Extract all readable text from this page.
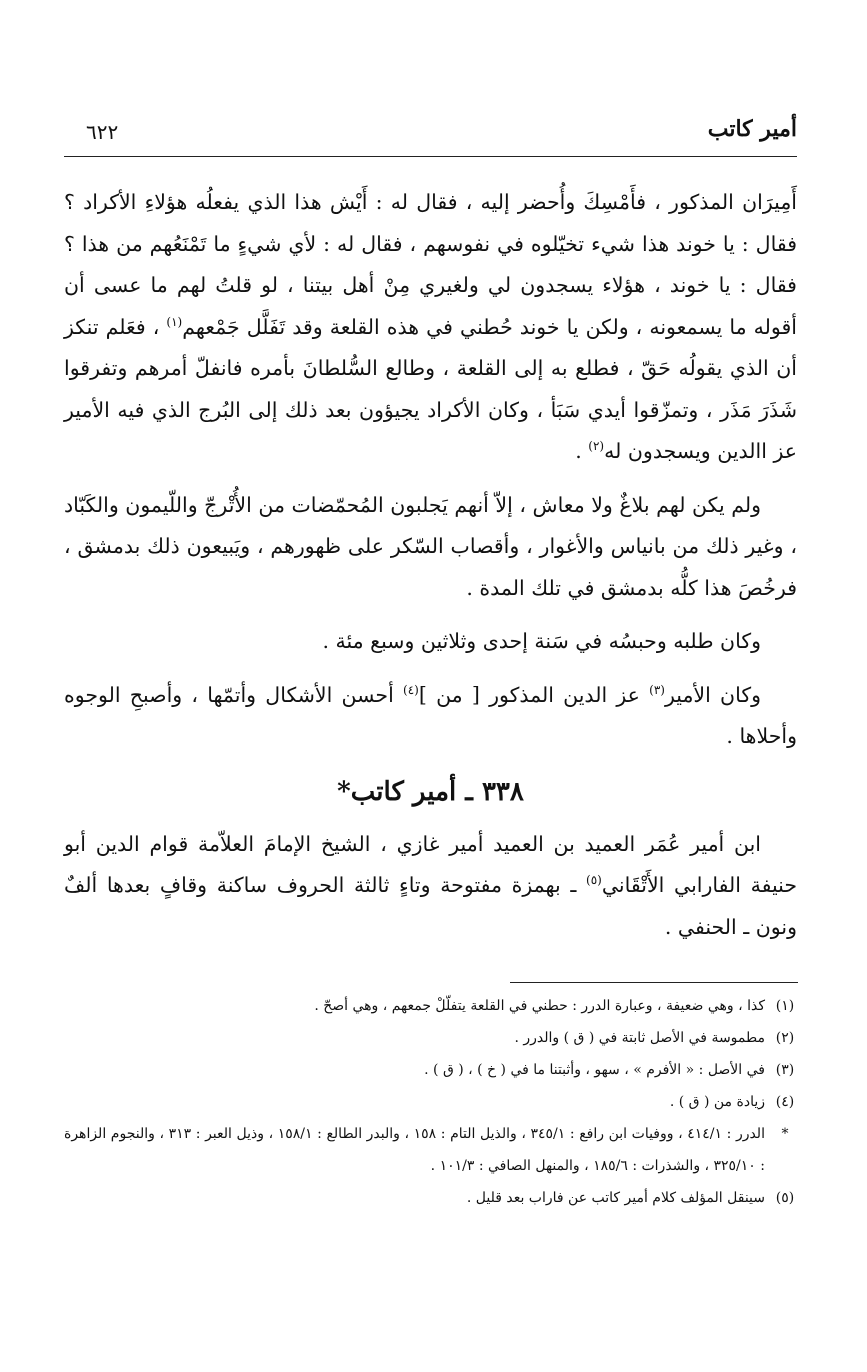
أمير كاتب
٦٢٢

أَمِيرَان المذكور ، فأَمْسِكَ وأُحضر إليه ، فقال له : أَيْش هذا الذي يفعلُه هؤلاءِ الأكراد ؟ فقال : يا خوند هذا شيء تخيّلوه في نفوسهم ، فقال له : لأي شيءٍ ما تَمْنَعُهم من هذا ؟ فقال : يا خوند ، هؤلاء يسجدون لي ولغيري مِنْ أهل بيتنا ، لو قلتُ لهم ما عسى أن أقوله ما يسمعونه ، ولكن يا خوند حُطني في هذه القلعة وقد تَفَلَّل جَمْعهم$^{(١)}$ ، فعَلم تنكز أن الذي يقولُه حَقّ ، فطلع به إلى القلعة ، وطالع السُّلطانَ بأمره فانفلّ أمرهم وتفرقوا شَذَرَ مَذَر ، وتمزّقوا أيدي سَبَأ ، وكان الأكراد يجيؤون بعد ذلك إلى البُرج الذي فيه الأمير عز االدين ويسجدون له$^{(٢)}$ .

ولم يكن لهم بلاغٌ ولا معاش ، إلاّ أنهم يَجلبون المُحمّضات من الأُتْرجّ واللّيمون والكَبّاد ، وغير ذلك من بانياس والأغوار ، وأقصاب السّكر على ظهورهم ، ويَبيعون ذلك بدمشق ، فرخُصَ هذا كلُّه بدمشق في تلك المدة .

وكان طلبه وحبسُه في سَنة إحدى وثلاثين وسبع مئة .

وكان الأمير$^{(٣)}$ عز الدين المذكور [ من ]$^{(٤)}$ أحسن الأشكال وأتمّها ، وأصبحِ الوجوه وأحلاها .

٣٣٨ ـ أمير كاتب*

ابن أمير عُمَر العميد بن العميد أمير غازي ، الشيخ الإمامَ العلاّمة قوام الدين أبو حنيفة الفارابي الأَتْقَاني$^{(٥)}$ ـ بهمزة مفتوحة وتاءٍ ثالثة الحروف ساكنة وقافٍ بعدها ألفٌ ونون ـ الحنفي .

(١)
كذا ، وهي ضعيفة ، وعبارة الدرر : حطني في القلعة يتفلّلْ جمعهم ، وهي أصحّ .
(٢)
مطموسة في الأصل ثابتة في ( ق ) والدرر .
(٣)
في الأصل : « الأفرم » ، سهو ، وأثبتنا ما في ( خ ) ، ( ق ) .
(٤)
زيادة من ( ق ) .
*
الدرر : ٤١٤/١ ، ووفيات ابن رافع : ٣٤٥/١ ، والذيل التام : ١٥٨ ، والبدر الطالع : ١٥٨/١ ، وذيل العبر : ٣١٣ ، والنجوم الزاهرة : ٣٢٥/١٠ ، والشذرات : ١٨٥/٦ ، والمنهل الصافي : ١٠١/٣ .
(٥)
سينقل المؤلف كلام أمير كاتب عن فاراب بعد قليل .
